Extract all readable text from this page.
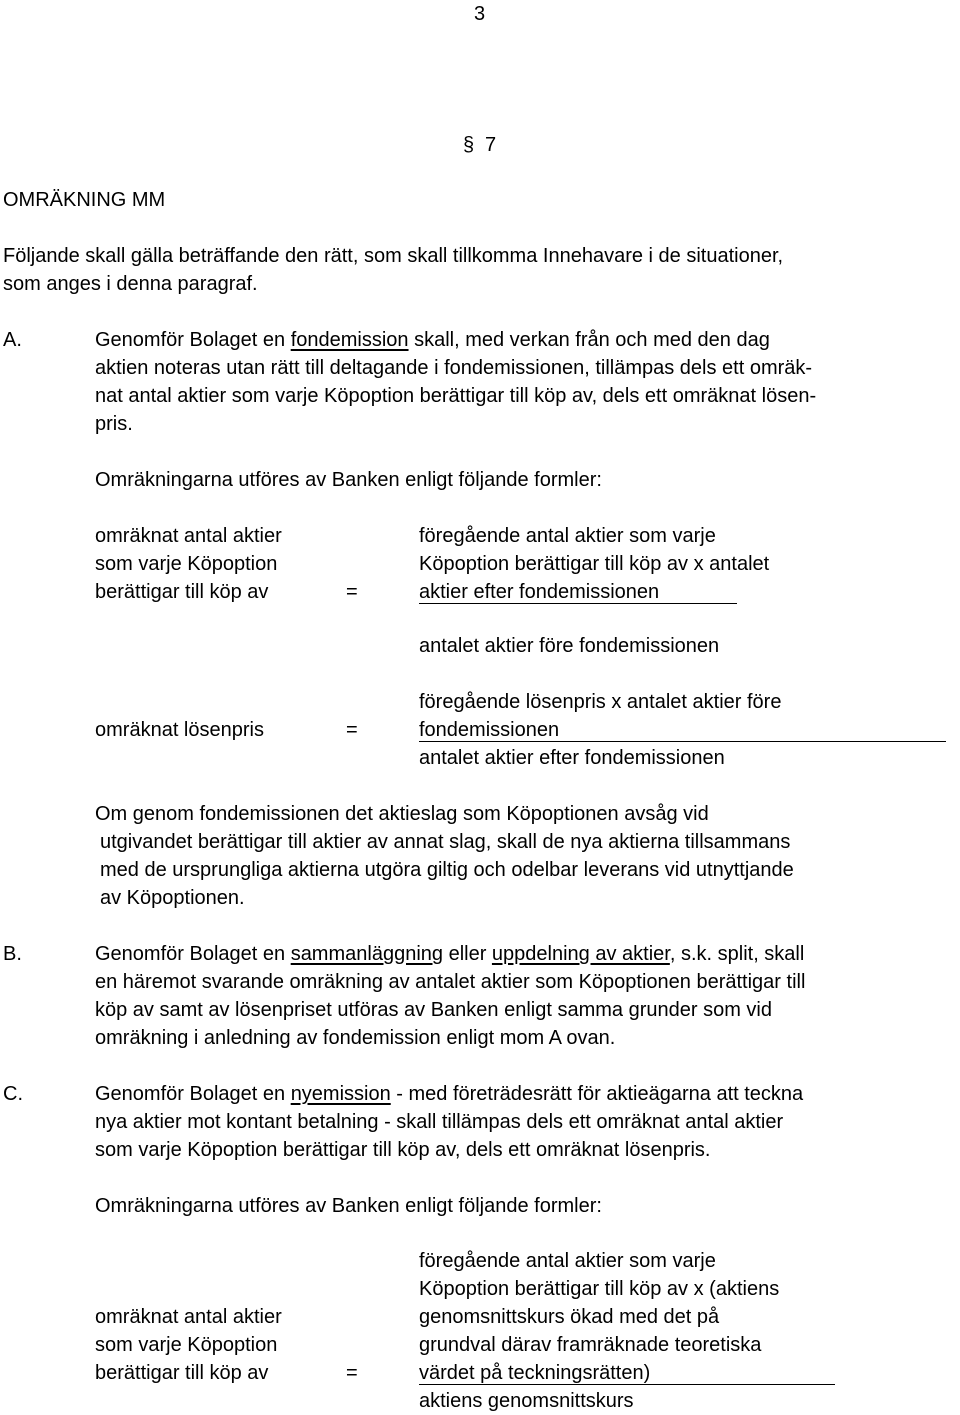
3
§ 7
OMRÄKNING MM
Följande skall gälla beträffande den rätt, som skall tillkomma Innehavare i de situationer,
som anges i denna paragraf.
A.	Genomför Bolaget en fondemission skall, med verkan från och med den dag
aktien noteras utan rätt till deltagande i fondemissionen, tillämpas dels ett omräk-
nat antal aktier som varje Köpoption berättigar till köp av, dels ett omräknat lösen-
pris.
Omräkningarna utföres av Banken enligt följande formler:
omräknat antal aktier
som varje Köpoption
berättigar till köp av	=
föregående antal aktier som varje
Köpoption berättigar till köp av x antalet
aktier efter fondemissionen
antalet aktier före fondemissionen
omräknat lösenpris	=
föregående lösenpris x antalet aktier före
fondemissionen
antalet aktier efter fondemissionen
Om genom fondemissionen det aktieslag som Köpoptionen avsåg vid
utgivandet berättigar till aktier av annat slag, skall de nya aktierna tillsammans
med de ursprungliga aktierna utgöra giltig och odelbar leverans vid utnyttjande
av Köpoptionen.
B.	Genomför Bolaget en sammanläggning eller uppdelning av aktier, s.k. split, skall
en häremot svarande omräkning av antalet aktier som Köpoptionen berättigar till
köp av samt av lösenpriset utföras av Banken enligt samma grunder som vid
omräkning i anledning av fondemission enligt mom A ovan.
C.	Genomför Bolaget en nyemission - med företrädesrätt för aktieägarna att teckna
nya aktier mot kontant betalning - skall tillämpas dels ett omräknat antal aktier
som varje Köpoption berättigar till köp av, dels ett omräknat lösenpris.
Omräkningarna utföres av Banken enligt följande formler:
föregående antal aktier som varje
Köpoption berättigar till köp av x (aktiens
genomsnittskurs ökad med det på
grundval därav framräknade teoretiska
värdet på teckningsrätten)
aktiens genomsnittskurs
omräknat antal aktier
som varje Köpoption
berättigar till köp av	=
